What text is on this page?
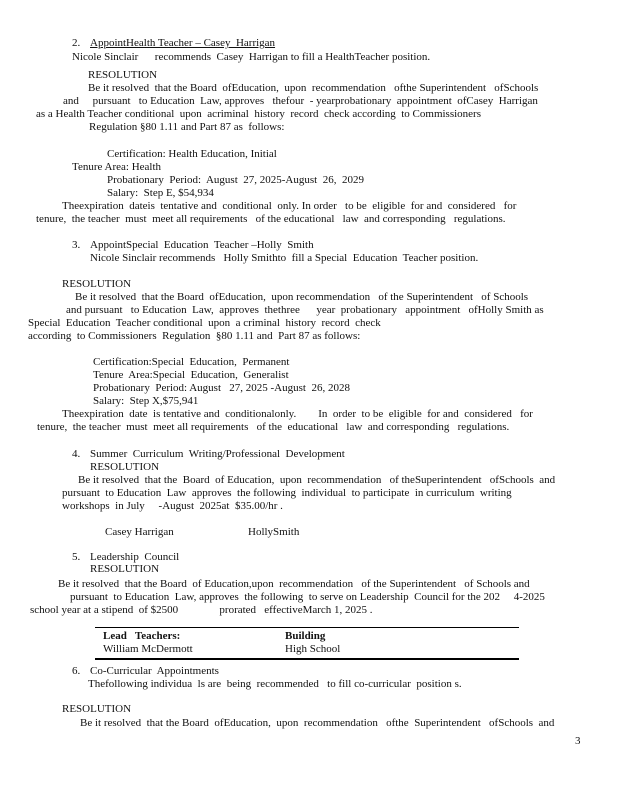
2. AppointHealth Teacher – Casey  Harrigan
Nicole Sinclair      recommends  Casey  Harrigan to fill a HealthTeacher position.
RESOLUTION
Be it resolved  that the Board  ofEducation,  upon  recommendation   ofthe Superintendent   ofSchools
and     pursuant   to Education  Law, approves   thefour  - yearprobationary  appointment  ofCasey  Harrigan
as a Health Teacher conditional  upon  acriminal  history  record  check according  to Commissioners
Regulation §80 1.11 and Part 87 as  follows:
Certification: Health Education, Initial
Tenure Area: Health
Probationary  Period:  August  27, 2025-August  26,  2029
Salary:  Step E, $54,934
Theexpiration  dateis  tentative and  conditional  only. In order   to be  eligible  for and  considered   for
tenure,  the teacher  must  meet all requirements   of the educational   law  and corresponding   regulations.
3. AppointSpecial  Education  Teacher –Holly  Smith
Nicole Sinclair recommends   Holly Smithto  fill a Special  Education  Teacher position.
RESOLUTION
Be it resolved  that the Board  ofEducation,  upon recommendation   of the Superintendent   of Schools
and pursuant   to Education  Law,  approves  thethree      year  probationary   appointment   ofHolly Smith as
Special  Education  Teacher conditional  upon  a criminal  history  record  check
according  to Commissioners  Regulation  §80 1.11 and  Part 87 as follows:
Certification:Special  Education,  Permanent
Tenure  Area:Special  Education,  Generalist
Probationary  Period: August   27, 2025 -August  26, 2028
Salary:  Step X,$75,941
Theexpiration  date  is tentative and  conditionalonly.        In  order  to be  eligible  for and  considered   for
tenure,  the teacher  must  meet all requirements   of the  educational   law  and corresponding   regulations.
4. Summer  Curriculum  Writing/Professional  Development
RESOLUTION
Be it resolved  that the  Board  of Education,  upon  recommendation   of theSuperintendent   ofSchools  and
pursuant  to Education  Law  approves  the following  individual  to participate  in curriculum  writing
workshops  in July     -August  2025at  $35.00/hr .
Casey Harrigan	HollySmith
5. Leadership  Council
RESOLUTION
Be it resolved  that the Board  of Education,upon  recommendation   of the Superintendent   of Schools and
pursuant  to Education  Law, approves  the following  to serve on Leadership  Council for the 202     4-2025
school year at a stipend  of $2500               prorated   effectiveMarch 1, 2025 .
Lead   Teachers:	Building
William McDermott	High School
6. Co-Curricular  Appointments
Thefollowing individua  ls are  being  recommended   to fill co-curricular  position s.
RESOLUTION
Be it resolved  that the Board  ofEducation,  upon  recommendation   ofthe  Superintendent   ofSchools  and
3
